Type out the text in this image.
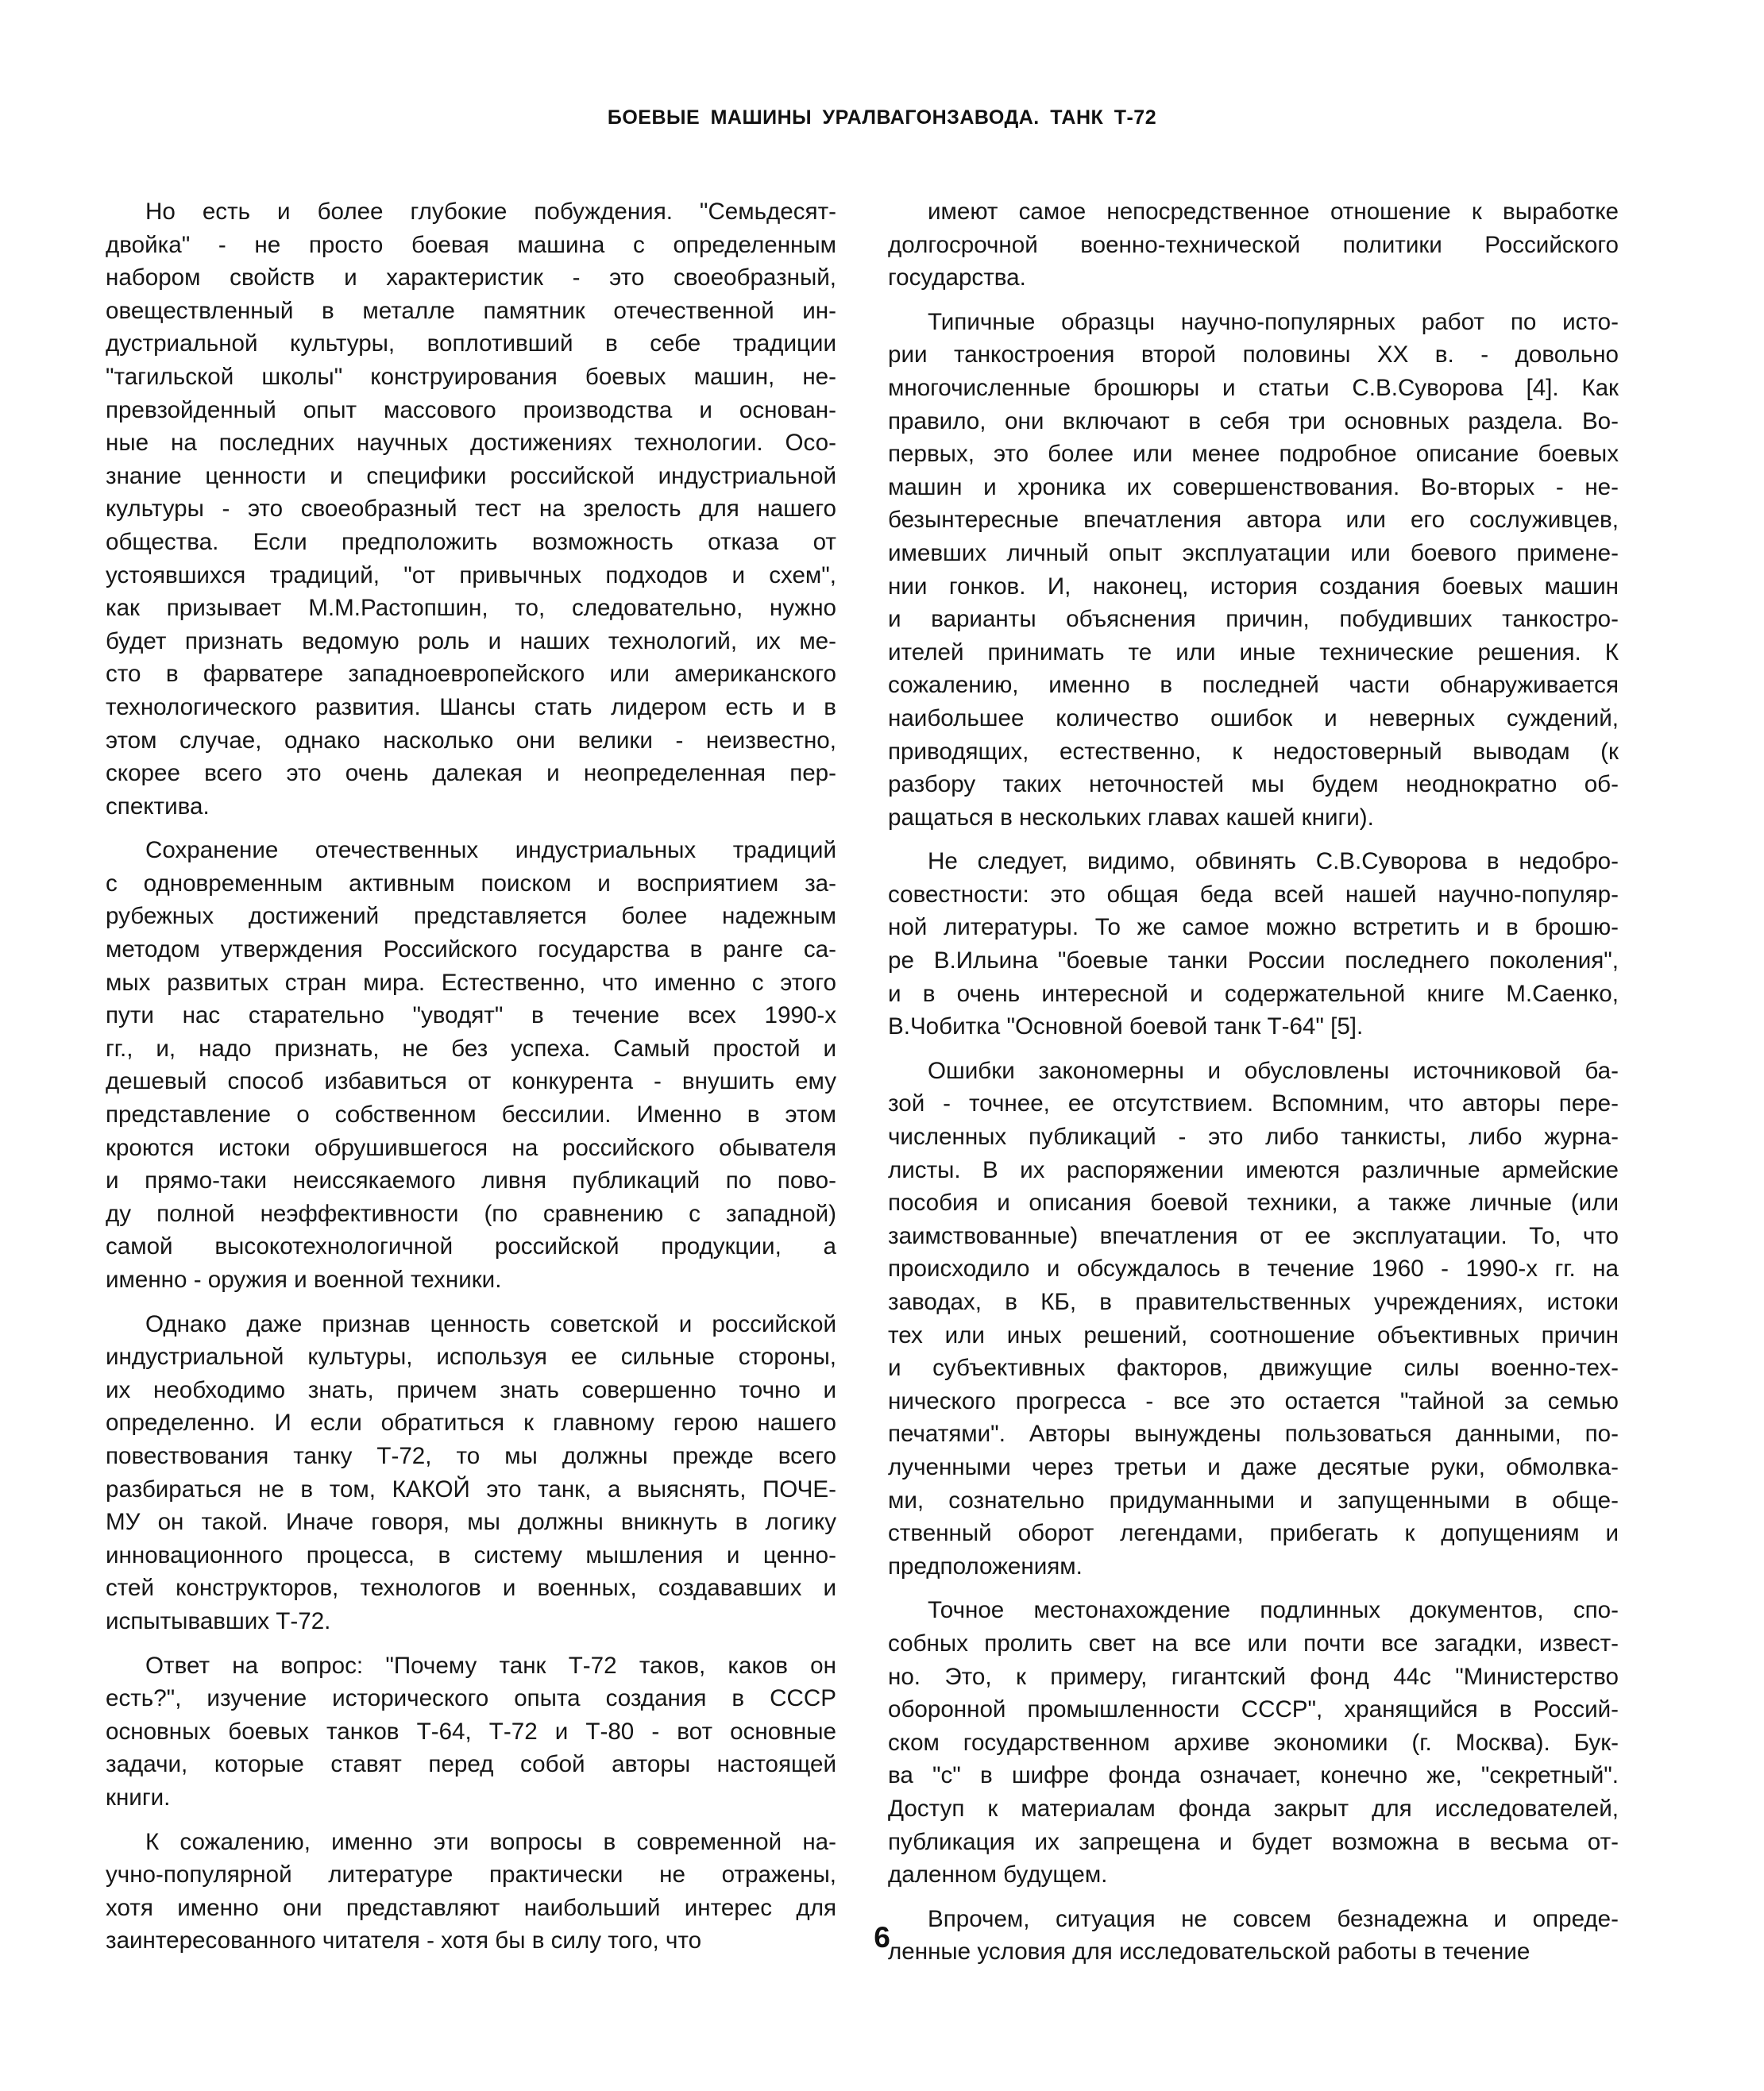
БОЕВЫЕ МАШИНЫ УРАЛВАГОНЗАВОДА. ТАНК Т-72
Но есть и более глубокие побуждения. "Семьдесят-
двойка" - не просто боевая машина с определенным
набором свойств и характеристик - это своеобразный,
овеществленный в металле памятник отечественной ин-
дустриальной культуры, воплотивший в себе традиции
"тагильской школы" конструирования боевых машин, не-
превзойденный опыт массового производства и основан-
ные на последних научных достижениях технологии. Осо-
знание ценности и специфики российской индустриальной
культуры - это своеобразный тест на зрелость для нашего
общества. Если предположить возможность отказа от
устоявшихся традиций, "от привычных подходов и схем",
как призывает М.М.Растопшин, то, следовательно, нужно
будет признать ведомую роль и наших технологий, их ме-
сто в фарватере западноевропейского или американского
технологического развития. Шансы стать лидером есть и в
этом случае, однако насколько они велики - неизвестно,
скорее всего это очень далекая и неопределенная пер-
спектива.
Сохранение отечественных индустриальных традиций
с одновременным активным поиском и восприятием за-
рубежных достижений представляется более надежным
методом утверждения Российского государства в ранге са-
мых развитых стран мира. Естественно, что именно с этого
пути нас старательно "уводят" в течение всех 1990-х
гг., и, надо признать, не без успеха. Самый простой и
дешевый способ избавиться от конкурента - внушить ему
представление о собственном бессилии. Именно в этом
кроются истоки обрушившегося на российского обывателя
и прямо-таки неиссякаемого ливня публикаций по пово-
ду полной неэффективности (по сравнению с западной)
самой высокотехнологичной российской продукции, а
именно - оружия и военной техники.
Однако даже признав ценность советской и российской
индустриальной культуры, используя ее сильные стороны,
их необходимо знать, причем знать совершенно точно и
определенно. И если обратиться к главному герою нашего
повествования танку Т-72, то мы должны прежде всего
разбираться не в том, КАКОЙ это танк, а выяснять, ПОЧЕ-
МУ он такой. Иначе говоря, мы должны вникнуть в логику
инновационного процесса, в систему мышления и ценно-
стей конструкторов, технологов и военных, создававших и
испытывавших Т-72.
Ответ на вопрос: "Почему танк Т-72 таков, каков он
есть?", изучение исторического опыта создания в СССР
основных боевых танков Т-64, Т-72 и Т-80 - вот основные
задачи, которые ставят перед собой авторы настоящей
книги.
К сожалению, именно эти вопросы в современной на-
учно-популярной литературе практически не отражены,
хотя именно они представляют наибольший интерес для
заинтересованного читателя - хотя бы в силу того, что
имеют самое непосредственное отношение к выработке
долгосрочной военно-технической политики Российского
государства.
Типичные образцы научно-популярных работ по исто-
рии танкостроения второй половины XX в. - довольно
многочисленные брошюры и статьи С.В.Суворова [4]. Как
правило, они включают в себя три основных раздела. Во-
первых, это более или менее подробное описание боевых
машин и хроника их совершенствования. Во-вторых - не-
безынтересные впечатления автора или его сослуживцев,
имевших личный опыт эксплуатации или боевого примене-
нии гонков. И, наконец, история создания боевых машин
и варианты объяснения причин, побудивших танкостро-
ителей принимать те или иные технические решения. К
сожалению, именно в последней части обнаруживается
наибольшее количество ошибок и неверных суждений,
приводящих, естественно, к недостоверный выводам (к
разбору таких неточностей мы будем неоднократно об-
ращаться в нескольких главах кашей книги).
Не следует, видимо, обвинять С.В.Суворова в недобро-
совестности: это общая беда всей нашей научно-популяр-
ной литературы. То же самое можно встретить и в брошю-
ре В.Ильина "боевые танки России последнего поколения",
и в очень интересной и содержательной книге М.Саенко,
В.Чобитка "Основной боевой танк Т-64" [5].
Ошибки закономерны и обусловлены источниковой ба-
зой - точнее, ее отсутствием. Вспомним, что авторы пере-
численных публикаций - это либо танкисты, либо журна-
листы. В их распоряжении имеются различные армейские
пособия и описания боевой техники, а также личные (или
заимствованные) впечатления от ее эксплуатации. То, что
происходило и обсуждалось в течение 1960 - 1990-х гг. на
заводах, в КБ, в правительственных учреждениях, истоки
тех или иных решений, соотношение объективных причин
и субъективных факторов, движущие силы военно-тех-
нического прогресса - все это остается "тайной за семью
печатями". Авторы вынуждены пользоваться данными, по-
лученными через третьи и даже десятые руки, обмолвка-
ми, сознательно придуманными и запущенными в обще-
ственный оборот легендами, прибегать к допущениям и
предположениям.
Точное местонахождение подлинных документов, спо-
собных пролить свет на все или почти все загадки, извест-
но. Это, к примеру, гигантский фонд 44с "Министерство
оборонной промышленности СССР", хранящийся в Россий-
ском государственном архиве экономики (г. Москва). Бук-
ва "с" в шифре фонда означает, конечно же, "секретный".
Доступ к материалам фонда закрыт для исследователей,
публикация их запрещена и будет возможна в весьма от-
даленном будущем.
Впрочем, ситуация не совсем безнадежна и опреде-
ленные условия для исследовательской работы в течение
6
